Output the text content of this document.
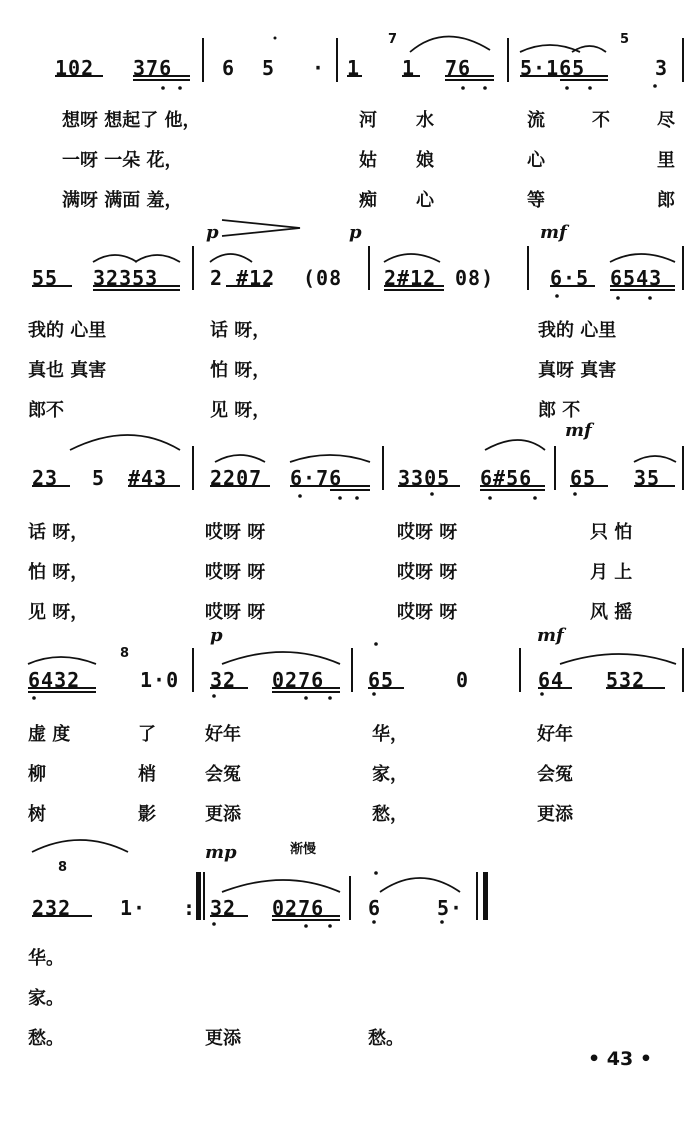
102 376 6 5 · 1 1 76 5·165	3
想呀 想起了 他，	河 水	流	不	尽
一呀 一朵 花，	姑 娘	心	里
满呀 满面 羞，	痴 心	等	郎
7	5
55 32353	2 #12 (08 2#12 08)	6·5 6543
我的 心里	话 呀，	我的 心里
真也 真害	怕 呀，	真呀 真害
郎不	见 呀，	郎 不
p	p	mf
23 5 #43 2207 6·76	3305 6#56 65 35
话 呀，	哎呀 呀	哎呀 呀	只 怕
怕 呀，	哎呀 呀	哎呀 呀	月 上
见 呀，	哎呀 呀	哎呀 呀	风 摇
mf
6432	1·0 32 0276 65	0	64 532
虚 度	了	好年	华，	好年
柳	梢	会冤	家，	会冤
树	影	更添	愁，	更添
p	mf
8
232 1· : 32 0276 6	5·
华。
家。
愁。	更添	愁。
mp
8
渐慢
• 43 •
